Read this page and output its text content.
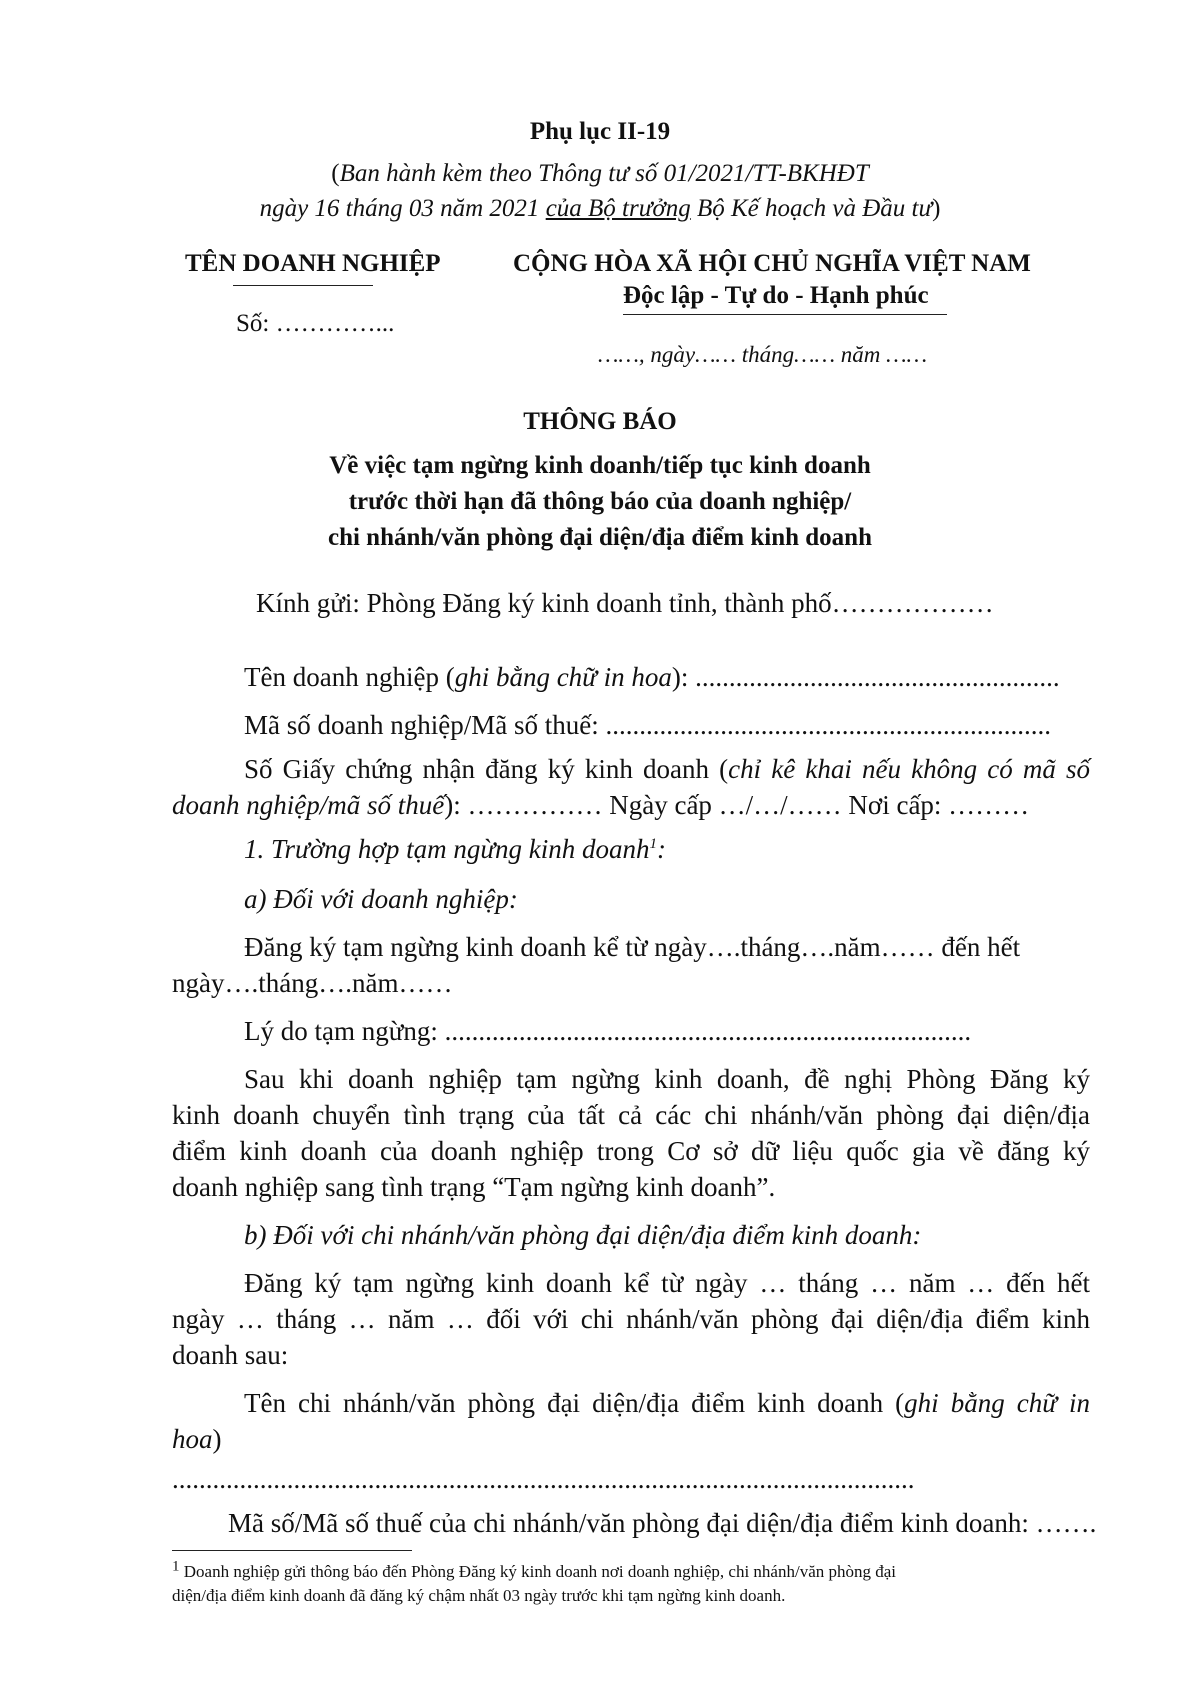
Phụ lục II-19
(Ban hành kèm theo Thông tư số 01/2021/TT-BKHĐT
ngày 16 tháng 03 năm 2021 của Bộ trưởng Bộ Kế hoạch và Đầu tư)
TÊN DOANH NGHIỆP
Số: …………...
CỘNG HÒA XÃ HỘI CHỦ NGHĨA VIỆT NAM
Độc lập - Tự do - Hạnh phúc
……, ngày…… tháng…… năm ……
THÔNG BÁO
Về việc tạm ngừng kinh doanh/tiếp tục kinh doanh
trước thời hạn đã thông báo của doanh nghiệp/
chi nhánh/văn phòng đại diện/địa điểm kinh doanh
Kính gửi: Phòng Đăng ký kinh doanh tỉnh, thành phố………………
Tên doanh nghiệp (ghi bằng chữ in hoa): ......................................................
Mã số doanh nghiệp/Mã số thuế: ..................................................................
Số Giấy chứng nhận đăng ký kinh doanh (chỉ kê khai nếu không có mã số
doanh nghiệp/mã số thuế): …………… Ngày cấp …/…/…… Nơi cấp: ………
1. Trường hợp tạm ngừng kinh doanh$^1$:
a) Đối với doanh nghiệp:
Đăng ký tạm ngừng kinh doanh kể từ ngày….tháng….năm…… đến hết
ngày….tháng….năm……
Lý do tạm ngừng: ..............................................................................
Sau khi doanh nghiệp tạm ngừng kinh doanh, đề nghị Phòng Đăng ký
kinh doanh chuyển tình trạng của tất cả các chi nhánh/văn phòng đại diện/địa
điểm kinh doanh của doanh nghiệp trong Cơ sở dữ liệu quốc gia về đăng ký
doanh nghiệp sang tình trạng “Tạm ngừng kinh doanh”.
b) Đối với chi nhánh/văn phòng đại diện/địa điểm kinh doanh:
Đăng ký tạm ngừng kinh doanh kể từ ngày … tháng … năm … đến hết
ngày … tháng … năm … đối với chi nhánh/văn phòng đại diện/địa điểm kinh
doanh sau:
Tên chi nhánh/văn phòng đại diện/địa điểm kinh doanh (ghi bằng chữ in
hoa)
..............................................................................................................
Mã số/Mã số thuế của chi nhánh/văn phòng đại diện/địa điểm kinh doanh: …….
$^1$ Doanh nghiệp gửi thông báo đến Phòng Đăng ký kinh doanh nơi doanh nghiệp, chi nhánh/văn phòng đại
diện/địa điểm kinh doanh đã đăng ký chậm nhất 03 ngày trước khi tạm ngừng kinh doanh.
